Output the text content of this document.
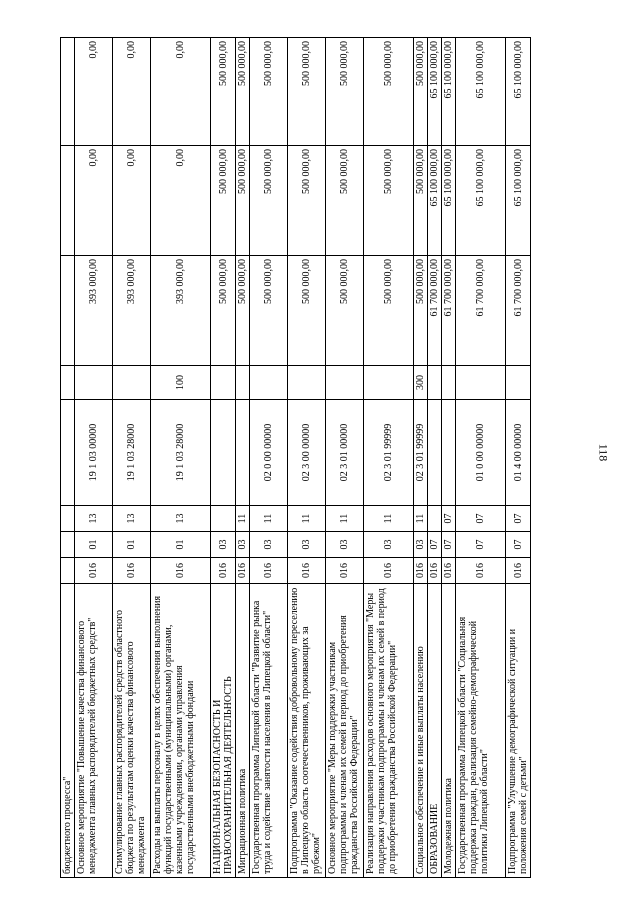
118
бюджетного процесса"								
Основное мероприятие "Повышение качества финансового менеджмента главных распорядителей бюджетных средств"	016	01	13	19 1 03 00000		393 000,00	0,00	0,00
Стимулирование главных распорядителей средств областного бюджета по результатам оценки качества финансового менеджмента	016	01	13	19 1 03 28000		393 000,00	0,00	0,00
Расходы на выплаты персоналу в целях обеспечения выполнения функций государственными (муниципальными) органами, казенными учреждениями, органами управления государственными внебюджетными фондами	016	01	13	19 1 03 28000	100	393 000,00	0,00	0,00
НАЦИОНАЛЬНАЯ БЕЗОПАСНОСТЬ И ПРАВООХРАНИТЕЛЬНАЯ ДЕЯТЕЛЬНОСТЬ	016	03				500 000,00	500 000,00	500 000,00
Миграционная политика	016	03	11			500 000,00	500 000,00	500 000,00
Государственная программа Липецкой области "Развитие рынка труда и содействие занятости населения в Липецкой области"	016	03	11	02 0 00 00000		500 000,00	500 000,00	500 000,00
Подпрограмма "Оказание содействия добровольному переселению в Липецкую область соотечественников, проживающих за рубежом"	016	03	11	02 3 00 00000		500 000,00	500 000,00	500 000,00
Основное мероприятие "Меры поддержки участникам подпрограммы и членам их семей в период до приобретения гражданства Российской Федерации"	016	03	11	02 3 01 00000		500 000,00	500 000,00	500 000,00
Реализация направления расходов основного мероприятия "Меры поддержки участникам подпрограммы и членам их семей в период до приобретения гражданства Российской Федерации"	016	03	11	02 3 01 99999		500 000,00	500 000,00	500 000,00
Социальное обеспечение и иные выплаты населению	016	03	11	02 3 01 99999	300	500 000,00	500 000,00	500 000,00
ОБРАЗОВАНИЕ	016	07				61 700 000,00	65 100 000,00	65 100 000,00
Молодежная политика	016	07	07			61 700 000,00	65 100 000,00	65 100 000,00
Государственная программа Липецкой области "Социальная поддержка граждан, реализация семейно-демографической политики Липецкой области"	016	07	07	01 0 00 00000		61 700 000,00	65 100 000,00	65 100 000,00
Подпрограмма "Улучшение демографической ситуации и положения семей с детьми"	016	07	07	01 4 00 00000		61 700 000,00	65 100 000,00	65 100 000,00
